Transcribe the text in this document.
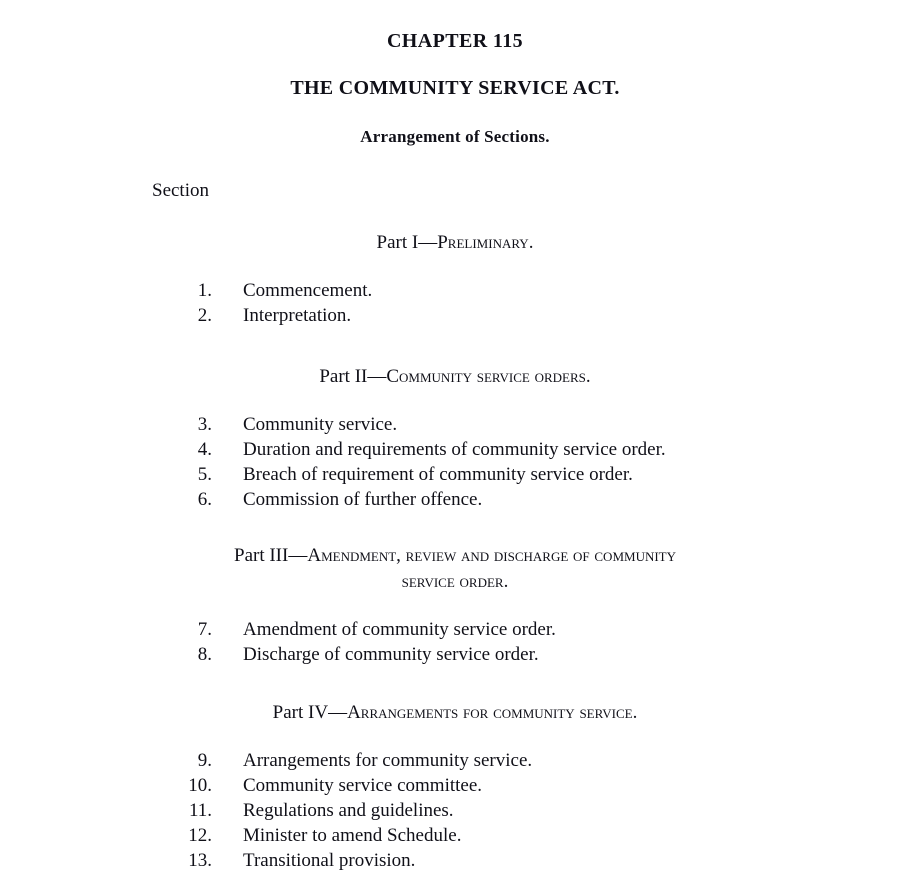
CHAPTER 115
THE COMMUNITY SERVICE ACT.
Arrangement of Sections.

Section

Part I—Preliminary.
1.	Commencement.
2.	Interpretation.
Part II—Community service orders.
3.	Community service.
4.	Duration and requirements of community service order.
5.	Breach of requirement of community service order.
6.	Commission of further offence.
Part III—Amendment, review and discharge of community
service order.
7.	Amendment of community service order.
8.	Discharge of community service order.
Part IV—Arrangements for community service.
9.	Arrangements for community service.
10.	Community service committee.
11.	Regulations and guidelines.
12.	Minister to amend Schedule.
13.	Transitional provision.
